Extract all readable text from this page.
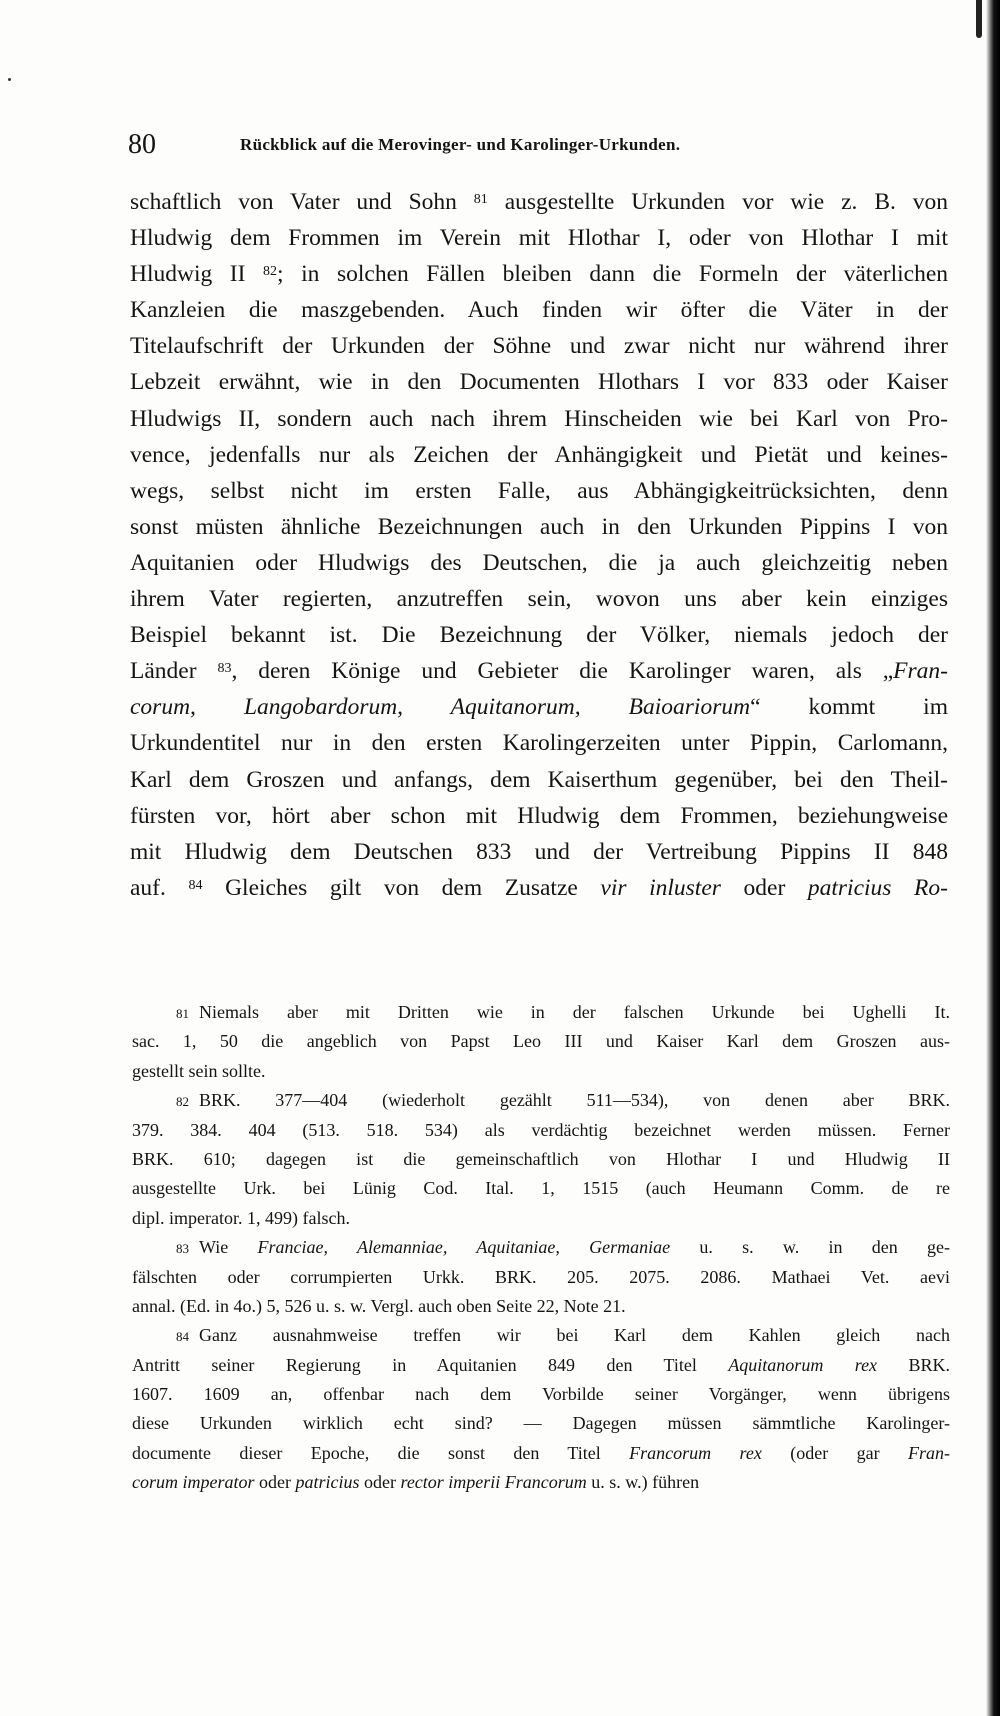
80	Rückblick auf die Merovinger- und Karolinger-Urkunden.
schaftlich von Vater und Sohn $^{81}$ ausgestellte Urkunden vor wie z. B. von
Hludwig dem Frommen im Verein mit Hlothar I, oder von Hlothar I mit
Hludwig II $^{82}$; in solchen Fällen bleiben dann die Formeln der väterlichen
Kanzleien die maszgebenden. Auch finden wir öfter die Väter in der
Titelaufschrift der Urkunden der Söhne und zwar nicht nur während ihrer
Lebzeit erwähnt, wie in den Documenten Hlothars I vor 833 oder Kaiser
Hludwigs II, sondern auch nach ihrem Hinscheiden wie bei Karl von Pro-
vence, jedenfalls nur als Zeichen der Anhängigkeit und Pietät und keines-
wegs, selbst nicht im ersten Falle, aus Abhängigkeitrücksichten, denn
sonst müsten ähnliche Bezeichnungen auch in den Urkunden Pippins I von
Aquitanien oder Hludwigs des Deutschen, die ja auch gleichzeitig neben
ihrem Vater regierten, anzutreffen sein, wovon uns aber kein einziges
Beispiel bekannt ist. Die Bezeichnung der Völker, niemals jedoch der
Länder $^{83}$, deren Könige und Gebieter die Karolinger waren, als „Fran-
corum, Langobardorum, Aquitanorum, Baioariorum“ kommt im
Urkundentitel nur in den ersten Karolingerzeiten unter Pippin, Carlomann,
Karl dem Groszen und anfangs, dem Kaiserthum gegenüber, bei den Theil-
fürsten vor, hört aber schon mit Hludwig dem Frommen, beziehungweise
mit Hludwig dem Deutschen 833 und der Vertreibung Pippins II 848
auf. $^{84}$ Gleiches gilt von dem Zusatze vir inluster oder patricius Ro-
81 Niemals aber mit Dritten wie in der falschen Urkunde bei Ughelli It.
sac. 1, 50 die angeblich von Papst Leo III und Kaiser Karl dem Groszen aus-
gestellt sein sollte.
82 BRK. 377—404 (wiederholt gezählt 511—534), von denen aber BRK.
379. 384. 404 (513. 518. 534) als verdächtig bezeichnet werden müssen. Ferner
BRK. 610; dagegen ist die gemeinschaftlich von Hlothar I und Hludwig II
ausgestellte Urk. bei Lünig Cod. Ital. 1, 1515 (auch Heumann Comm. de re
dipl. imperator. 1, 499) falsch.
83 Wie Franciae, Alemanniae, Aquitaniae, Germaniae u. s. w. in den ge-
fälschten oder corrumpierten Urkk. BRK. 205. 2075. 2086. Mathaei Vet. aevi
annal. (Ed. in 4o.) 5, 526 u. s. w. Vergl. auch oben Seite 22, Note 21.
84 Ganz ausnahmweise treffen wir bei Karl dem Kahlen gleich nach
Antritt seiner Regierung in Aquitanien 849 den Titel Aquitanorum rex BRK.
1607. 1609 an, offenbar nach dem Vorbilde seiner Vorgänger, wenn übrigens
diese Urkunden wirklich echt sind? — Dagegen müssen sämmtliche Karolinger-
documente dieser Epoche, die sonst den Titel Francorum rex (oder gar Fran-
corum imperator oder patricius oder rector imperii Francorum u. s. w.) führen
